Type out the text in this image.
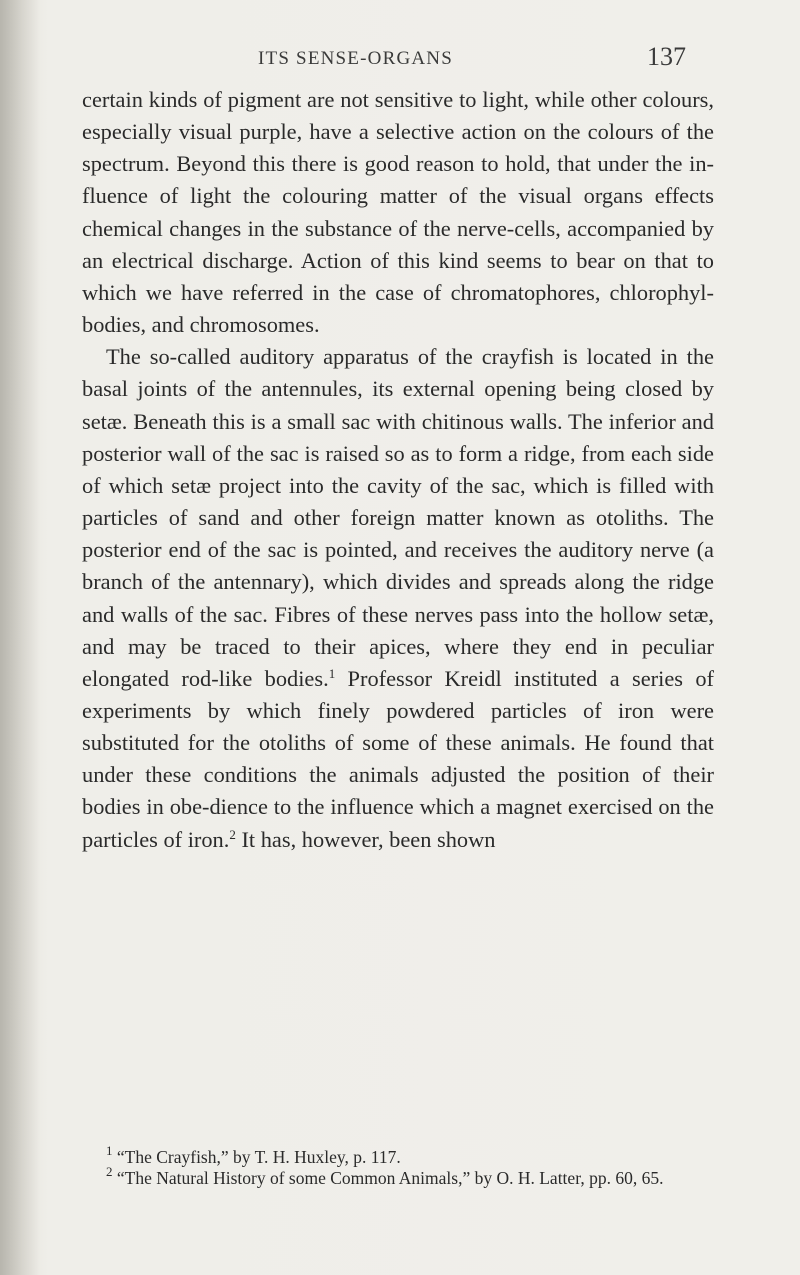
ITS SENSE-ORGANS	137

certain kinds of pigment are not sensitive to light, while other colours, especially visual purple, have a selective action on the colours of the spectrum. Beyond this there is good reason to hold, that under the in-fluence of light the colouring matter of the visual organs effects chemical changes in the substance of the nerve-cells, accompanied by an electrical discharge. Action of this kind seems to bear on that to which we have referred in the case of chromatophores, chlorophyl-bodies, and chromosomes.

The so-called auditory apparatus of the crayfish is located in the basal joints of the antennules, its external opening being closed by setæ. Beneath this is a small sac with chitinous walls. The inferior and posterior wall of the sac is raised so as to form a ridge, from each side of which setæ project into the cavity of the sac, which is filled with particles of sand and other foreign matter known as otoliths. The posterior end of the sac is pointed, and receives the auditory nerve (a branch of the antennary), which divides and spreads along the ridge and walls of the sac. Fibres of these nerves pass into the hollow setæ, and may be traced to their apices, where they end in peculiar elongated rod-like bodies.$^1$ Professor Kreidl instituted a series of experiments by which finely powdered particles of iron were substituted for the otoliths of some of these animals. He found that under these conditions the animals adjusted the position of their bodies in obe-dience to the influence which a magnet exercised on the particles of iron.$^2$ It has, however, been shown

$^1$ “The Crayfish,” by T. H. Huxley, p. 117.

$^2$ “The Natural History of some Common Animals,” by O. H. Latter, pp. 60, 65.
